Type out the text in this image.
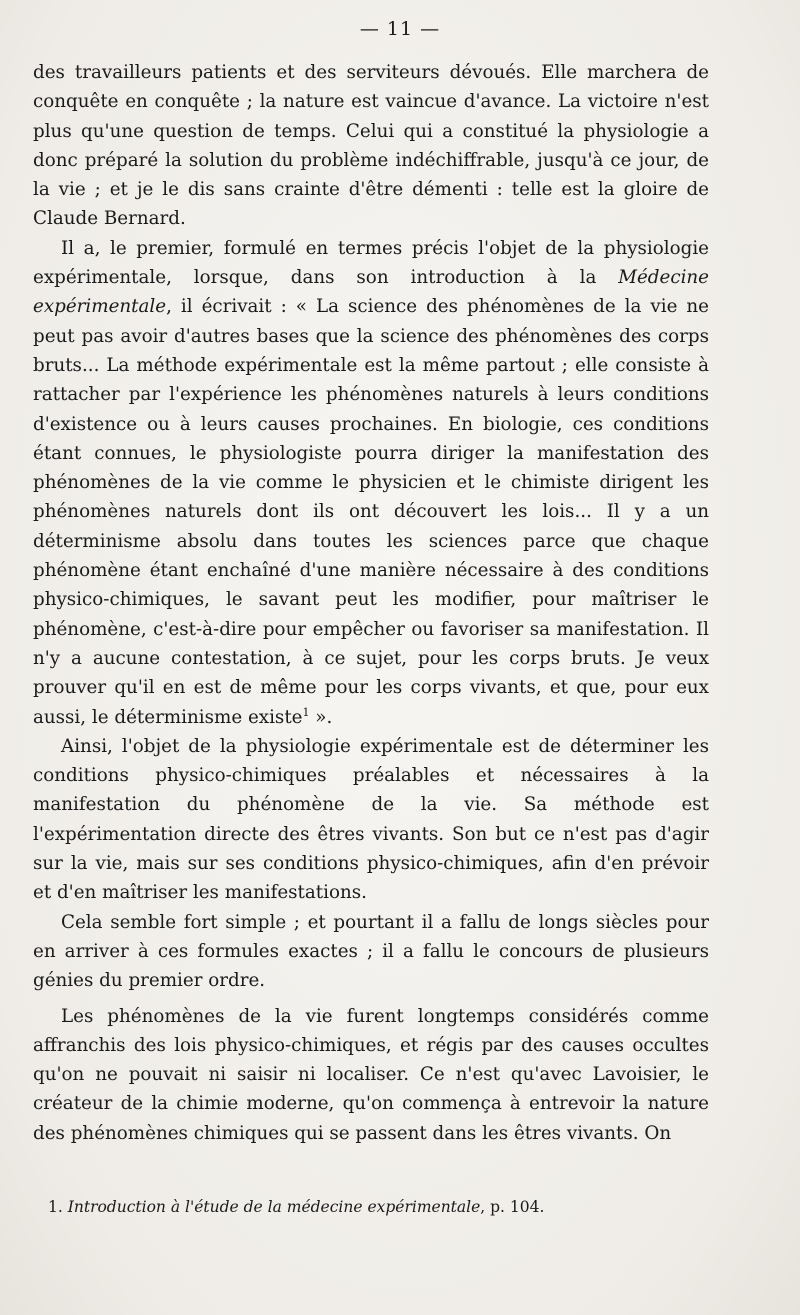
— 11 —

des travailleurs patients et des serviteurs dévoués. Elle marchera de conquête en conquête ; la nature est vaincue d'avance. La victoire n'est plus qu'une question de temps. Celui qui a constitué la physiologie a donc préparé la solution du problème indéchiffrable, jusqu'à ce jour, de la vie ; et je le dis sans crainte d'être démenti : telle est la gloire de Claude Bernard.

Il a, le premier, formulé en termes précis l'objet de la physiologie expérimentale, lorsque, dans son introduction à la Médecine expérimentale, il écrivait : « La science des phénomènes de la vie ne peut pas avoir d'autres bases que la science des phénomènes des corps bruts... La méthode expérimentale est la même partout ; elle consiste à rattacher par l'expérience les phénomènes naturels à leurs conditions d'existence ou à leurs causes prochaines. En biologie, ces conditions étant connues, le physiologiste pourra diriger la manifestation des phénomènes de la vie comme le physicien et le chimiste dirigent les phénomènes naturels dont ils ont découvert les lois... Il y a un déterminisme absolu dans toutes les sciences parce que chaque phénomène étant enchaîné d'une manière nécessaire à des conditions physico-chimiques, le savant peut les modifier, pour maîtriser le phénomène, c'est-à-dire pour empêcher ou favoriser sa manifestation. Il n'y a aucune contestation, à ce sujet, pour les corps bruts. Je veux prouver qu'il en est de même pour les corps vivants, et que, pour eux aussi, le déterminisme existe$^1$ ».

Ainsi, l'objet de la physiologie expérimentale est de déterminer les conditions physico-chimiques préalables et nécessaires à la manifestation du phénomène de la vie. Sa méthode est l'expérimentation directe des êtres vivants. Son but ce n'est pas d'agir sur la vie, mais sur ses conditions physico-chimiques, afin d'en prévoir et d'en maîtriser les manifestations.

Cela semble fort simple ; et pourtant il a fallu de longs siècles pour en arriver à ces formules exactes ; il a fallu le concours de plusieurs génies du premier ordre.

Les phénomènes de la vie furent longtemps considérés comme affranchis des lois physico-chimiques, et régis par des causes occultes qu'on ne pouvait ni saisir ni localiser. Ce n'est qu'avec Lavoisier, le créateur de la chimie moderne, qu'on commença à entrevoir la nature des phénomènes chimiques qui se passent dans les êtres vivants. On

1. Introduction à l'étude de la médecine expérimentale, p. 104.
